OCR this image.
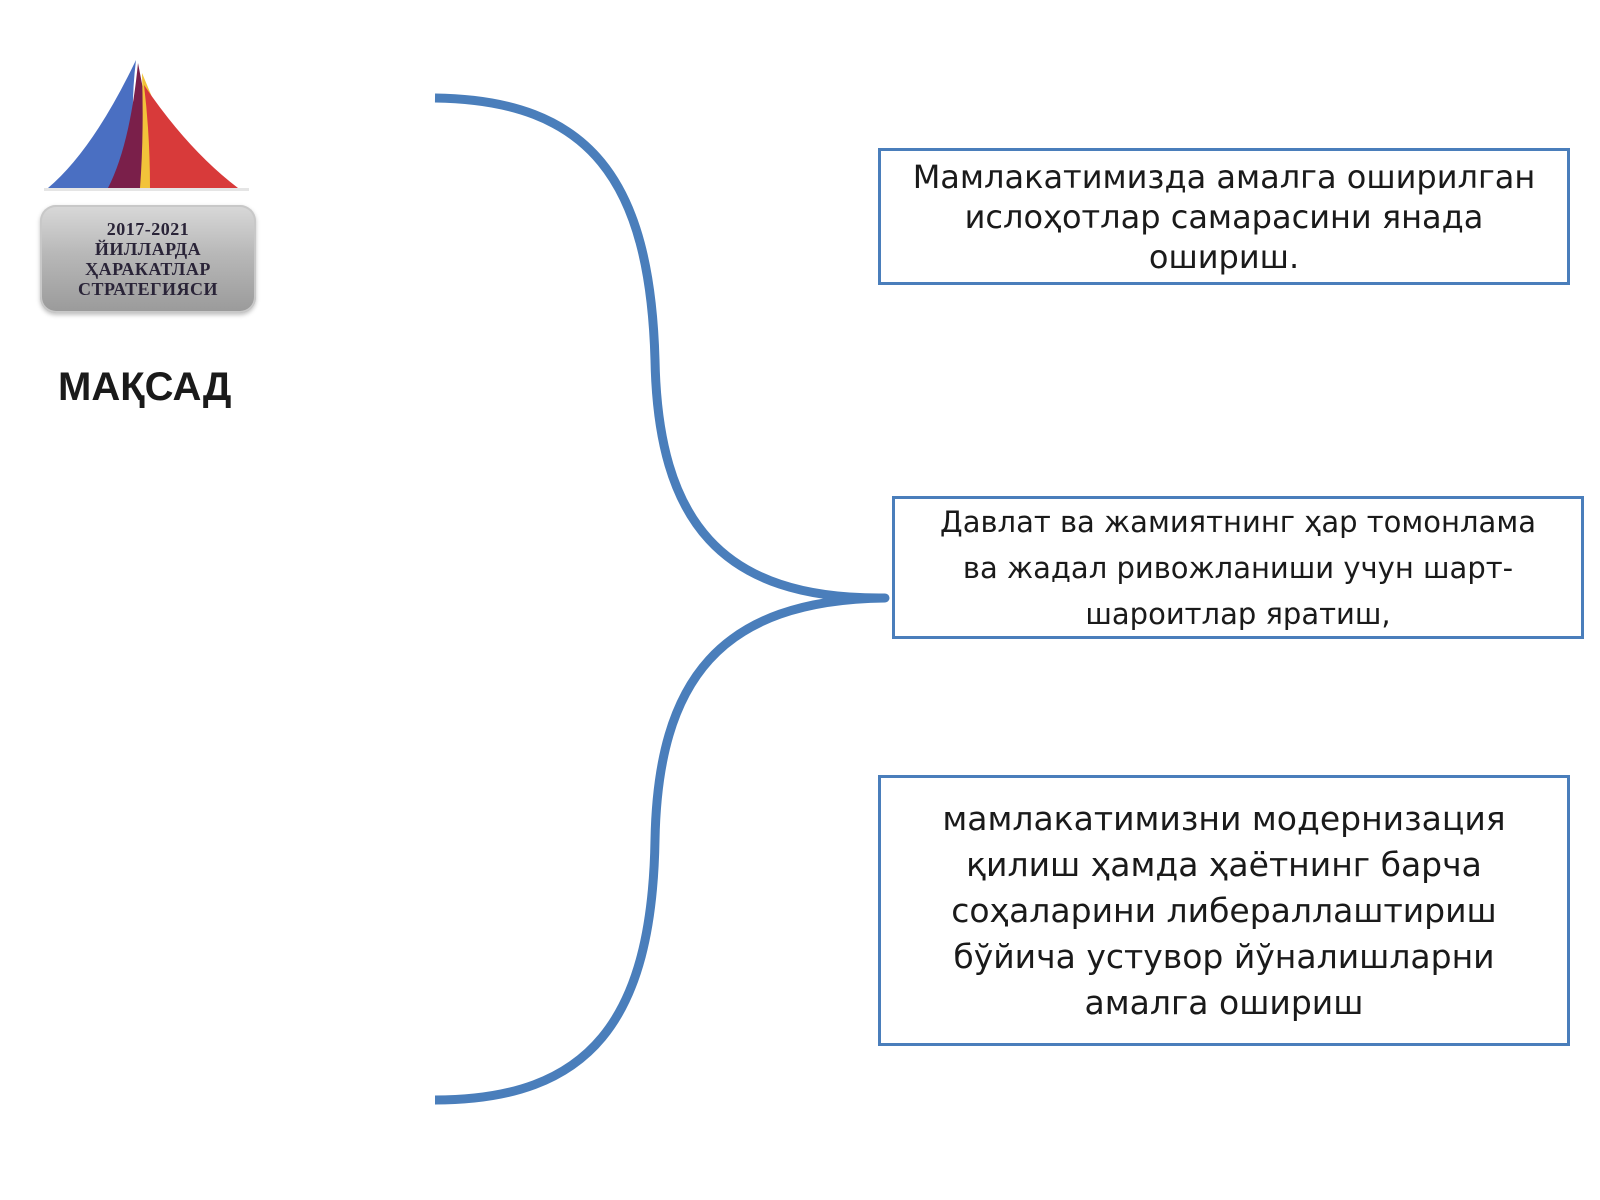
2017-2021
ЙИЛЛАРДА
ҲАРАКАТЛАР
СТРАТЕГИЯСИ
МАҚСАД
Мамлакатимизда амалга оширилган
ислоҳотлар самарасини янада
ошириш.
Давлат ва жамиятнинг ҳар томонлама
ва жадал ривожланиши учун шарт-
шароитлар яратиш,
мамлакатимизни модернизация
қилиш ҳамда ҳаётнинг барча
соҳаларини либераллаштириш
бўйича устувор йўналишларни
амалга ошириш
